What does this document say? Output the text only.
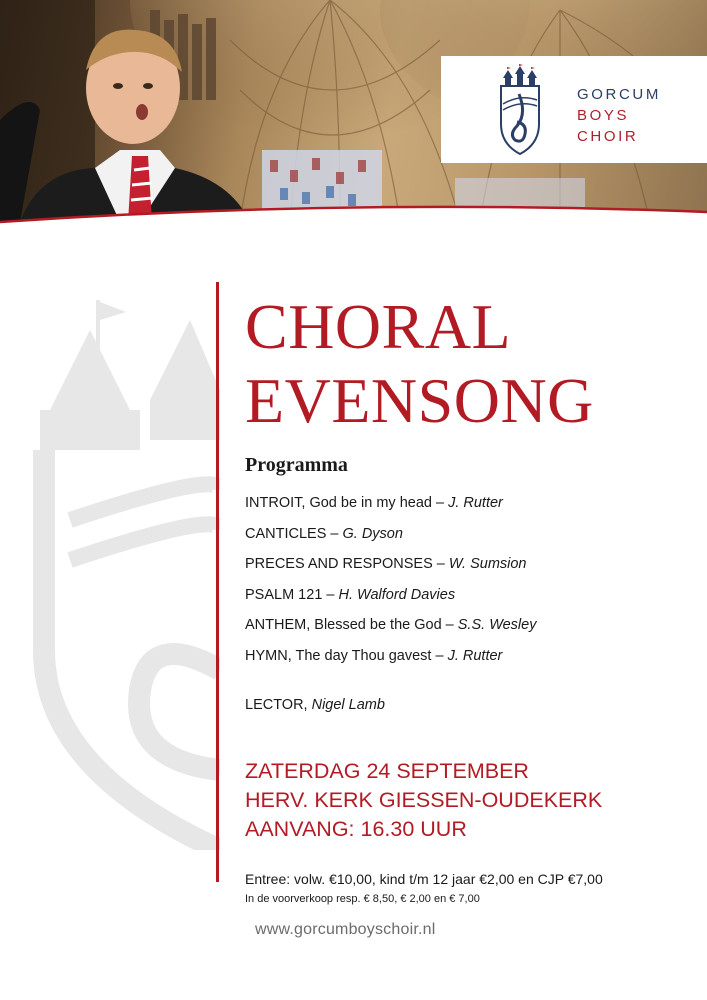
GORCUM
BOYS
CHOIR
CHORAL
EVENSONG
Programma
INTROIT, God be in my head – J. Rutter
CANTICLES – G. Dyson
PRECES AND RESPONSES – W. Sumsion
PSALM 121 – H. Walford Davies
ANTHEM, Blessed be the God – S.S. Wesley
HYMN, The day Thou gavest – J. Rutter
LECTOR, Nigel Lamb
ZATERDAG 24 SEPTEMBER
HERV. KERK GIESSEN-OUDEKERK
AANVANG: 16.30 UUR
Entree: volw. €10,00, kind t/m 12 jaar €2,00 en CJP €7,00
In de voorverkoop resp. € 8,50, € 2,00 en € 7,00
www.gorcumboyschoir.nl
